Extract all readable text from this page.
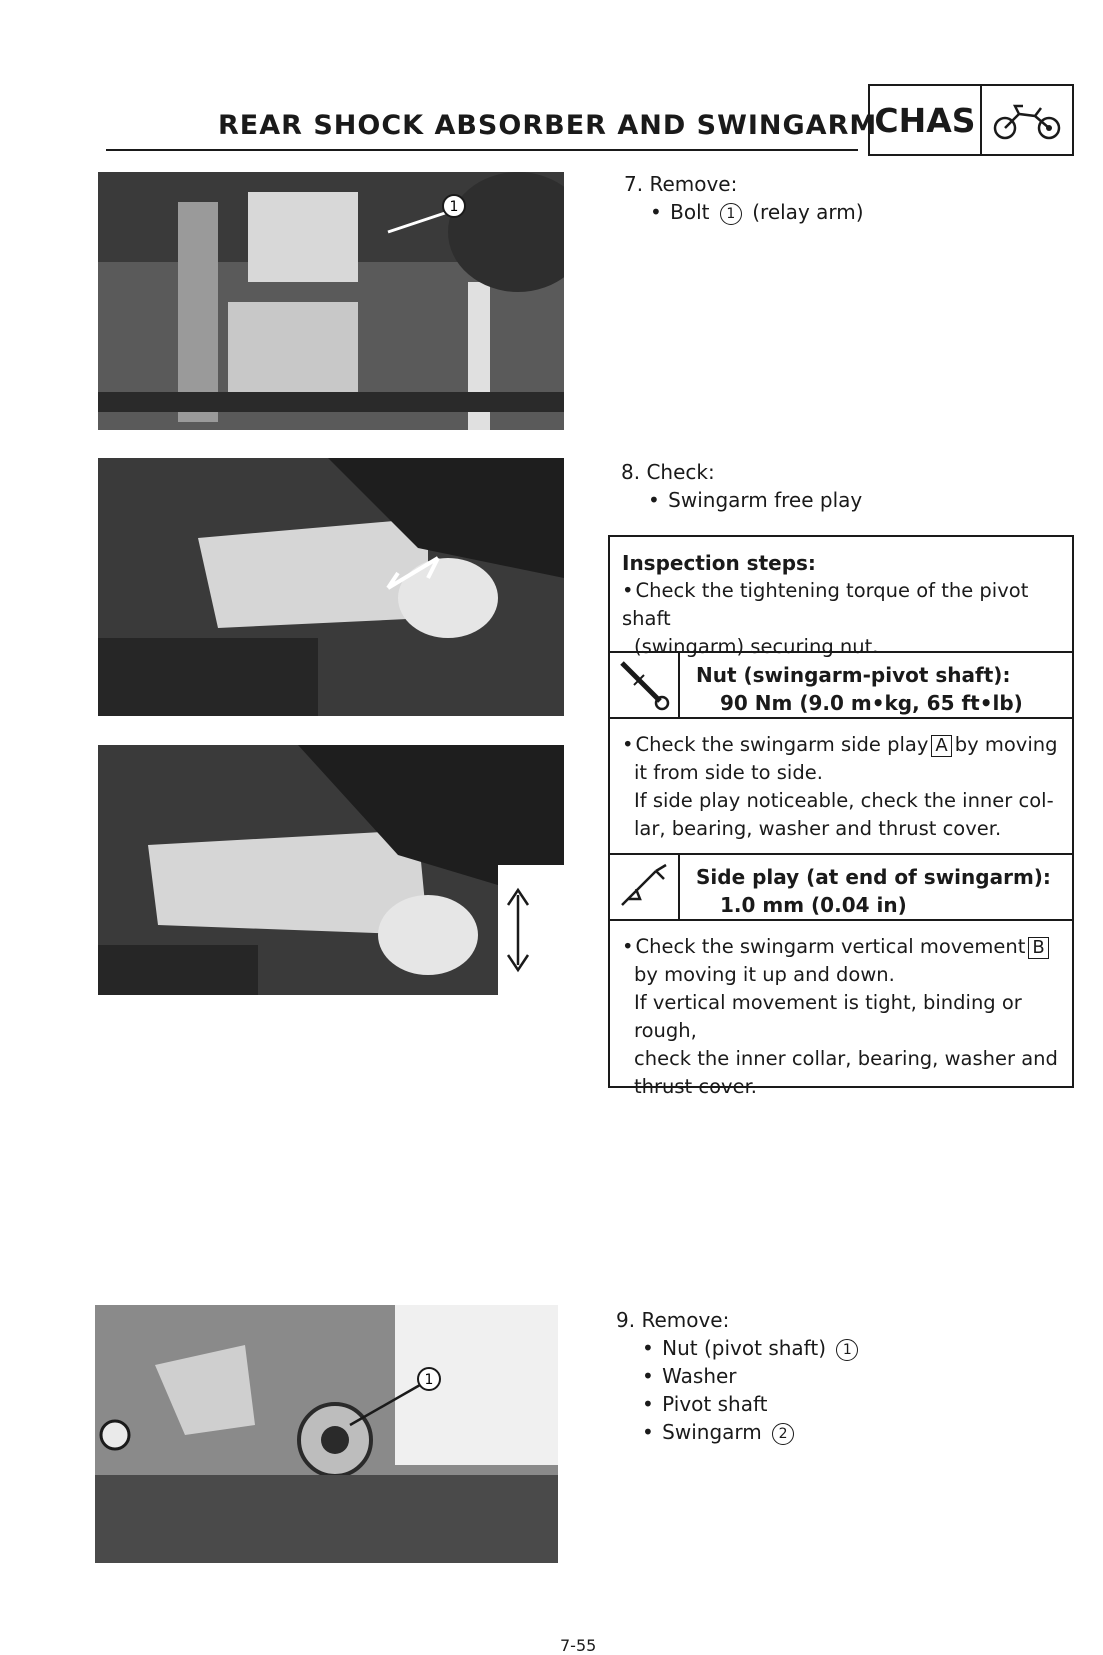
REAR SHOCK ABSORBER AND SWINGARM
CHAS
1
1
7. Remove:
• Bolt 1 (relay arm)
8. Check:
• Swingarm free play
Inspection steps:
• Check the tightening torque of the pivot shaft
(swingarm) securing nut.
Nut (swingarm-pivot shaft):
90 Nm (9.0 m•kg, 65 ft•lb)
• Check the swingarm side play A by moving
it from side to side.
If side play noticeable, check the inner col-
lar, bearing, washer and thrust cover.
Side play (at end of swingarm):
1.0 mm (0.04 in)
• Check the swingarm vertical movement B
by moving it up and down.
If vertical movement is tight, binding or rough,
check the inner collar, bearing, washer and
thrust cover.
9. Remove:
• Nut (pivot shaft) 1
• Washer
• Pivot shaft
• Swingarm 2
7-55
